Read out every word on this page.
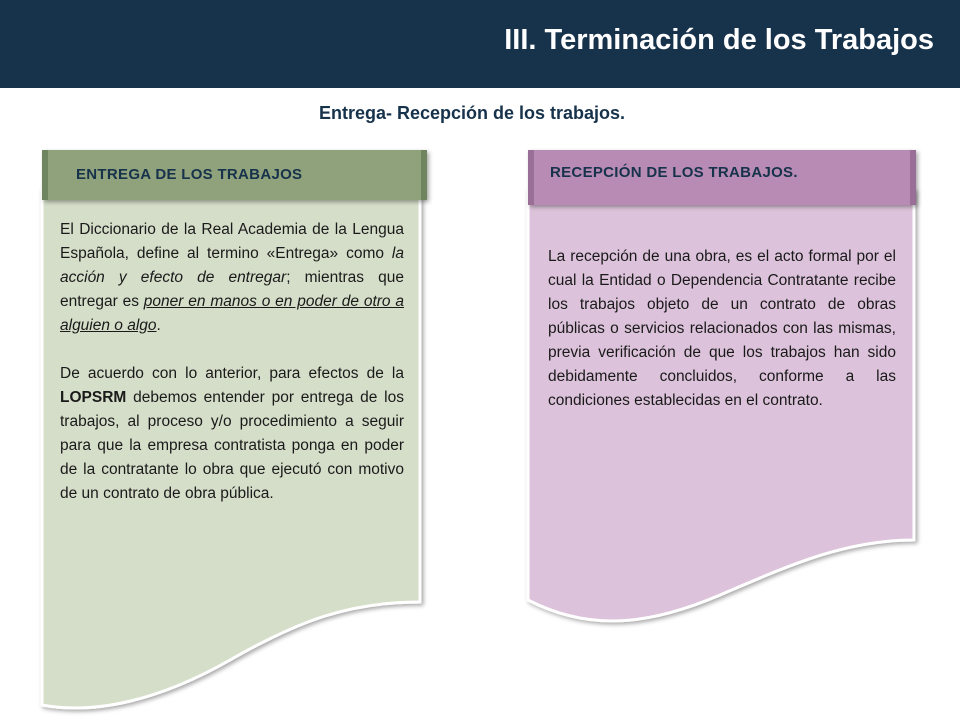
III. Terminación de los Trabajos
Entrega- Recepción de los trabajos.
ENTREGA DE LOS TRABAJOS

El Diccionario de la Real Academia de la Lengua Española, define al termino «Entrega» como la acción y efecto de entregar; mientras que entregar es poner en manos o en poder de otro a alguien o algo.

De acuerdo con lo anterior, para efectos de la LOPSRM debemos entender por entrega de los trabajos, al proceso y/o procedimiento a seguir para que la empresa contratista ponga en poder de la contratante lo obra que ejecutó con motivo de un contrato de obra pública.

RECEPCIÓN DE LOS TRABAJOS.
La recepción de una obra, es el acto formal por el cual la Entidad o Dependencia Contratante recibe los trabajos objeto de un contrato de obras públicas o servicios relacionados con las mismas, previa verificación de que los trabajos han sido debidamente concluidos, conforme a las condiciones establecidas en el contrato.
